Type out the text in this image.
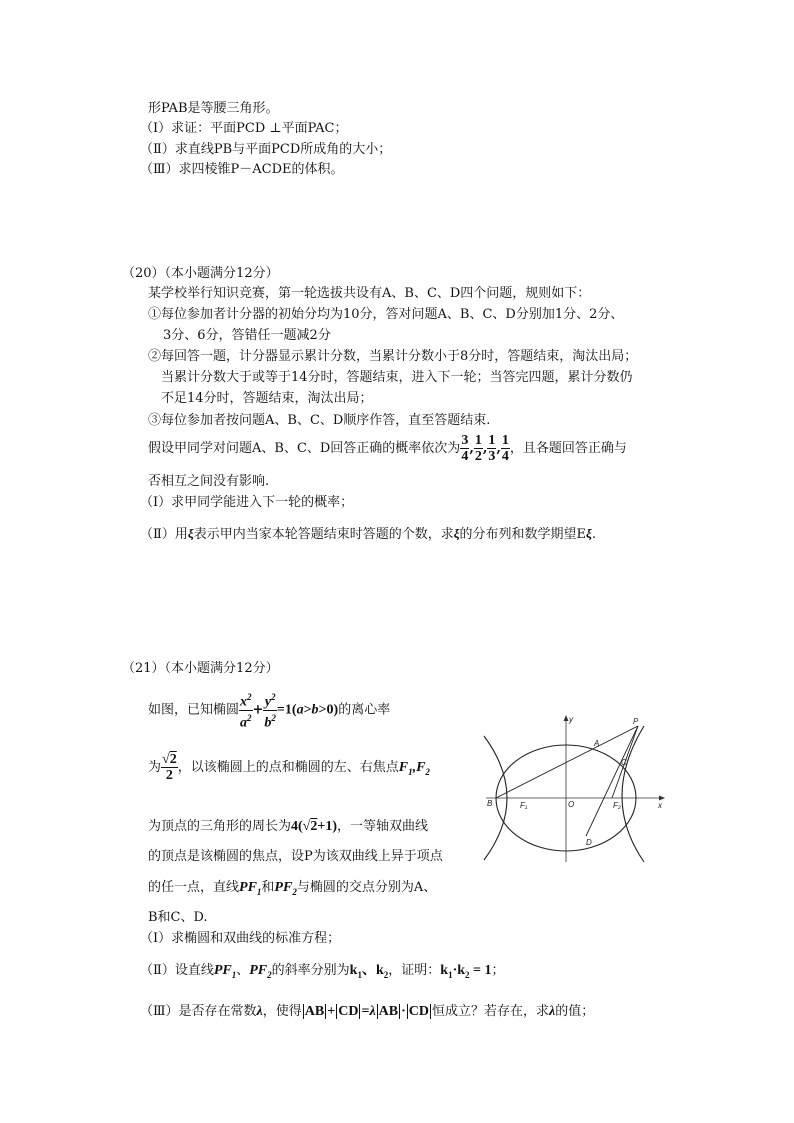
形PAB是等腰三角形。
（Ⅰ）求证：平面PCD ⊥平面PAC；
（Ⅱ）求直线PB与平面PCD所成角的大小；
（Ⅲ）求四棱锥P－ACDE的体积。
（20）（本小题满分12分）
某学校举行知识竞赛，第一轮选拔共设有A、B、C、D四个问题，规则如下：
①每位参加者计分器的初始分均为10分，答对问题A、B、C、D分别加1分、2分、
3分、6分，答错任一题减2分
②每回答一题，计分器显示累计分数，当累计分数小于8分时，答题结束，淘汰出局；
当累计分数大于或等于14分时，答题结束，进入下一轮；当答完四题，累计分数仍
不足14分时，答题结束，淘汰出局；
③每位参加者按问题A、B、C、D顺序作答，直至答题结束.
假设甲同学对问题A、B、C、D回答正确的概率依次为 $\frac{3}{4}$ , $\frac{1}{2}$ , $\frac{1}{3}$ , $\frac{1}{4}$ ，且各题回答正确与
否相互之间没有影响.
（Ⅰ）求甲同学能进入下一轮的概率；
（Ⅱ）用ξ表示甲内当家本轮答题结束时答题的个数，求ξ的分布列和数学期望Eξ.
（21）（本小题满分12分）
如图，已知椭圆 $\frac{x^2}{a^2} + \frac{y^2}{b^2} =1(a>b>0)$的离心率
为 $\frac{√2}{2}$ ，以该椭圆上的点和椭圆的左、右焦点$F_1,F_2$
为顶点的三角形的周长为4(√2+1)，一等轴双曲线
的顶点是该椭圆的焦点，设P为该双曲线上异于项点
的任一点，直线$PF_1$和$PF_2$与椭圆的交点分别为A、
B和C、D.
（Ⅰ）求椭圆和双曲线的标准方程；
（Ⅱ）设直线$PF_1$、$PF_2$的斜率分别为$k_1$、$k_2$，证明：$k_1\cdot k_2 = 1$；
（Ⅲ）是否存在常数λ，使得 AB + CD =λ AB · CD 恒成立？若存在，求λ的值；
y
x
O
B	F₁	F₂
P
A
C
D
